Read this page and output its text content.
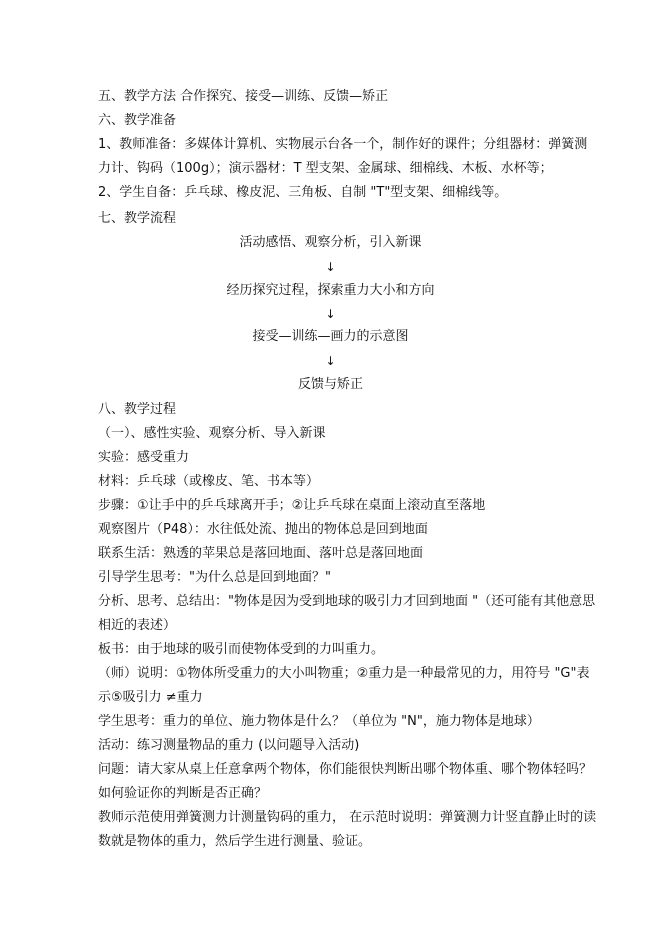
五、教学方法 合作探究、接受—训练、反馈—矫正
六、教学准备
1、教师准备：多媒体计算机、实物展示台各一个，制作好的课件；分组器材：弹簧测
力计、钩码（100g）；演示器材：T 型支架、金属球、细棉线、木板、水杯等；
2、学生自备：乒乓球、橡皮泥、三角板、自制 "T"型支架、细棉线等。
七、教学流程
活动感悟、观察分析，引入新课
↓
经历探究过程，探索重力大小和方向
↓
接受—训练—画力的示意图
↓
反馈与矫正
八、教学过程
（一）、感性实验、观察分析、导入新课
实验：感受重力
材料：乒乓球（或橡皮、笔、书本等）
步骤：①让手中的乒乓球离开手；②让乒乓球在桌面上滚动直至落地
观察图片（P48）：水往低处流、抛出的物体总是回到地面
联系生活：熟透的苹果总是落回地面、落叶总是落回地面
引导学生思考："为什么总是回到地面？"
分析、思考、总结出："物体是因为受到地球的吸引力才回到地面 "（还可能有其他意思
相近的表述）
板书：由于地球的吸引而使物体受到的力叫重力。
（师）说明：①物体所受重力的大小叫物重；②重力是一种最常见的力，用符号 "G"表
示⑤吸引力 ≠重力
学生思考：重力的单位、施力物体是什么？（单位为 "N"，施力物体是地球）
活动：练习测量物品的重力 (以问题导入活动)
问题：请大家从桌上任意拿两个物体，你们能很快判断出哪个物体重、哪个物体轻吗？
如何验证你的判断是否正确？
教师示范使用弹簧测力计测量钩码的重力， 在示范时说明：弹簧测力计竖直静止时的读
数就是物体的重力，然后学生进行测量、验证。
